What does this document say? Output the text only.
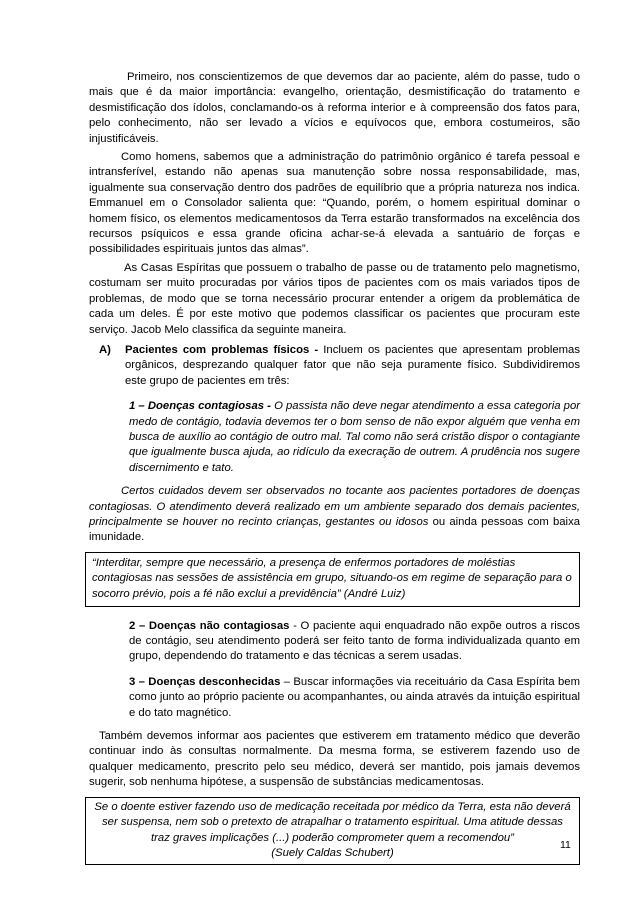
Primeiro, nos conscientizemos de que devemos dar ao paciente, além do passe, tudo o mais que é da maior importância: evangelho, orientação, desmistificação do tratamento e desmistificação dos ídolos, conclamando-os à reforma interior e à compreensão dos fatos para, pelo conhecimento, não ser levado a vícios e equívocos que, embora costumeiros, são injustificáveis.

Como homens, sabemos que a administração do patrimônio orgânico é tarefa pessoal e intransferível, estando não apenas sua manutenção sobre nossa responsabilidade, mas, igualmente sua conservação dentro dos padrões de equilíbrio que a própria natureza nos indica. Emmanuel em o Consolador salienta que: “Quando, porém, o homem espiritual dominar o homem físico, os elementos medicamentosos da Terra estarão transformados na excelência dos recursos psíquicos e essa grande oficina achar-se-á elevada a santuário de forças e possibilidades espirituais juntos das almas”.

As Casas Espíritas que possuem o trabalho de passe ou de tratamento pelo magnetismo, costumam ser muito procuradas por vários tipos de pacientes com os mais variados tipos de problemas, de modo que se torna necessário procurar entender a origem da problemática de cada um deles. É por este motivo que podemos classificar os pacientes que procuram este serviço. Jacob Melo classifica da seguinte maneira.

A)	Pacientes com problemas físicos - Incluem os pacientes que apresentam problemas orgânicos, desprezando qualquer fator que não seja puramente físico. Subdividiremos este grupo de pacientes em três:

1 – Doenças contagiosas - O passista não deve negar atendimento a essa categoria por medo de contágio, todavia devemos ter o bom senso de não expor alguém que venha em busca de auxílio ao contágio de outro mal. Tal como não será cristão dispor o contagiante que igualmente busca ajuda, ao ridículo da execração de outrem. A prudência nos sugere discernimento e tato.

Certos cuidados devem ser observados no tocante aos pacientes portadores de doenças contagiosas. O atendimento deverá realizado em um ambiente separado dos demais pacientes, principalmente se houver no recinto crianças, gestantes ou idosos ou ainda pessoas com baixa imunidade.

“Interditar, sempre que necessário, a presença de enfermos portadores de moléstias contagiosas nas sessões de assistência em grupo, situando-os em regime de separação para o socorro prévio, pois a fé não exclui a previdência” (André Luiz)

2 – Doenças não contagiosas - O paciente aqui enquadrado não expõe outros a riscos de contágio, seu atendimento poderá ser feito tanto de forma individualizada quanto em grupo, dependendo do tratamento e das técnicas a serem usadas.

3 – Doenças desconhecidas – Buscar informações via receituário da Casa Espírita bem como junto ao próprio paciente ou acompanhantes, ou ainda através da intuição espiritual e do tato magnético.

Também devemos informar aos pacientes que estiverem em tratamento médico que deverão continuar indo às consultas normalmente. Da mesma forma, se estiverem fazendo uso de qualquer medicamento, prescrito pelo seu médico, deverá ser mantido, pois jamais devemos sugerir, sob nenhuma hipótese, a suspensão de substâncias medicamentosas.

Se o doente estiver fazendo uso de medicação receitada por médico da Terra, esta não deverá ser suspensa, nem sob o pretexto de atrapalhar o tratamento espiritual. Uma atitude dessas traz graves implicações (...) poderão comprometer quem a recomendou”
(Suely Caldas Schubert)
11
